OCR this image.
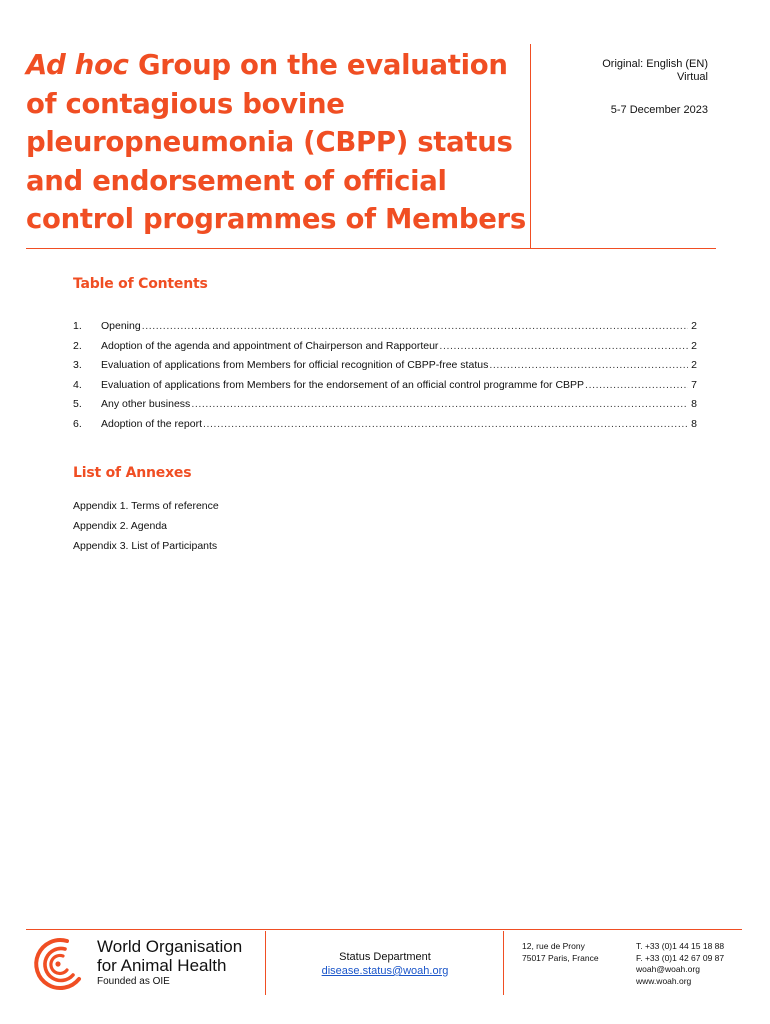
Ad hoc Group on the evaluation of contagious bovine pleuropneumonia (CBPP) status and endorsement of official control programmes of Members
Original: English (EN)
Virtual
5-7 December 2023
Table of Contents
1.	Opening .....	2
2.	Adoption of the agenda and appointment of Chairperson and Rapporteur .....	2
3.	Evaluation of applications from Members for official recognition of CBPP-free status .....	2
4.	Evaluation of applications from Members for the endorsement of an official control programme for CBPP .....	7
5.	Any other business .....	8
6.	Adoption of the report .....	8
List of Annexes
Appendix 1. Terms of reference
Appendix 2. Agenda
Appendix 3. List of Participants
World Organisation
for Animal Health
Founded as OIE
Status Department
disease.status@woah.org
12, rue de Prony
75017 Paris, France
T. +33 (0)1 44 15 18 88
F. +33 (0)1 42 67 09 87
woah@woah.org
www.woah.org
